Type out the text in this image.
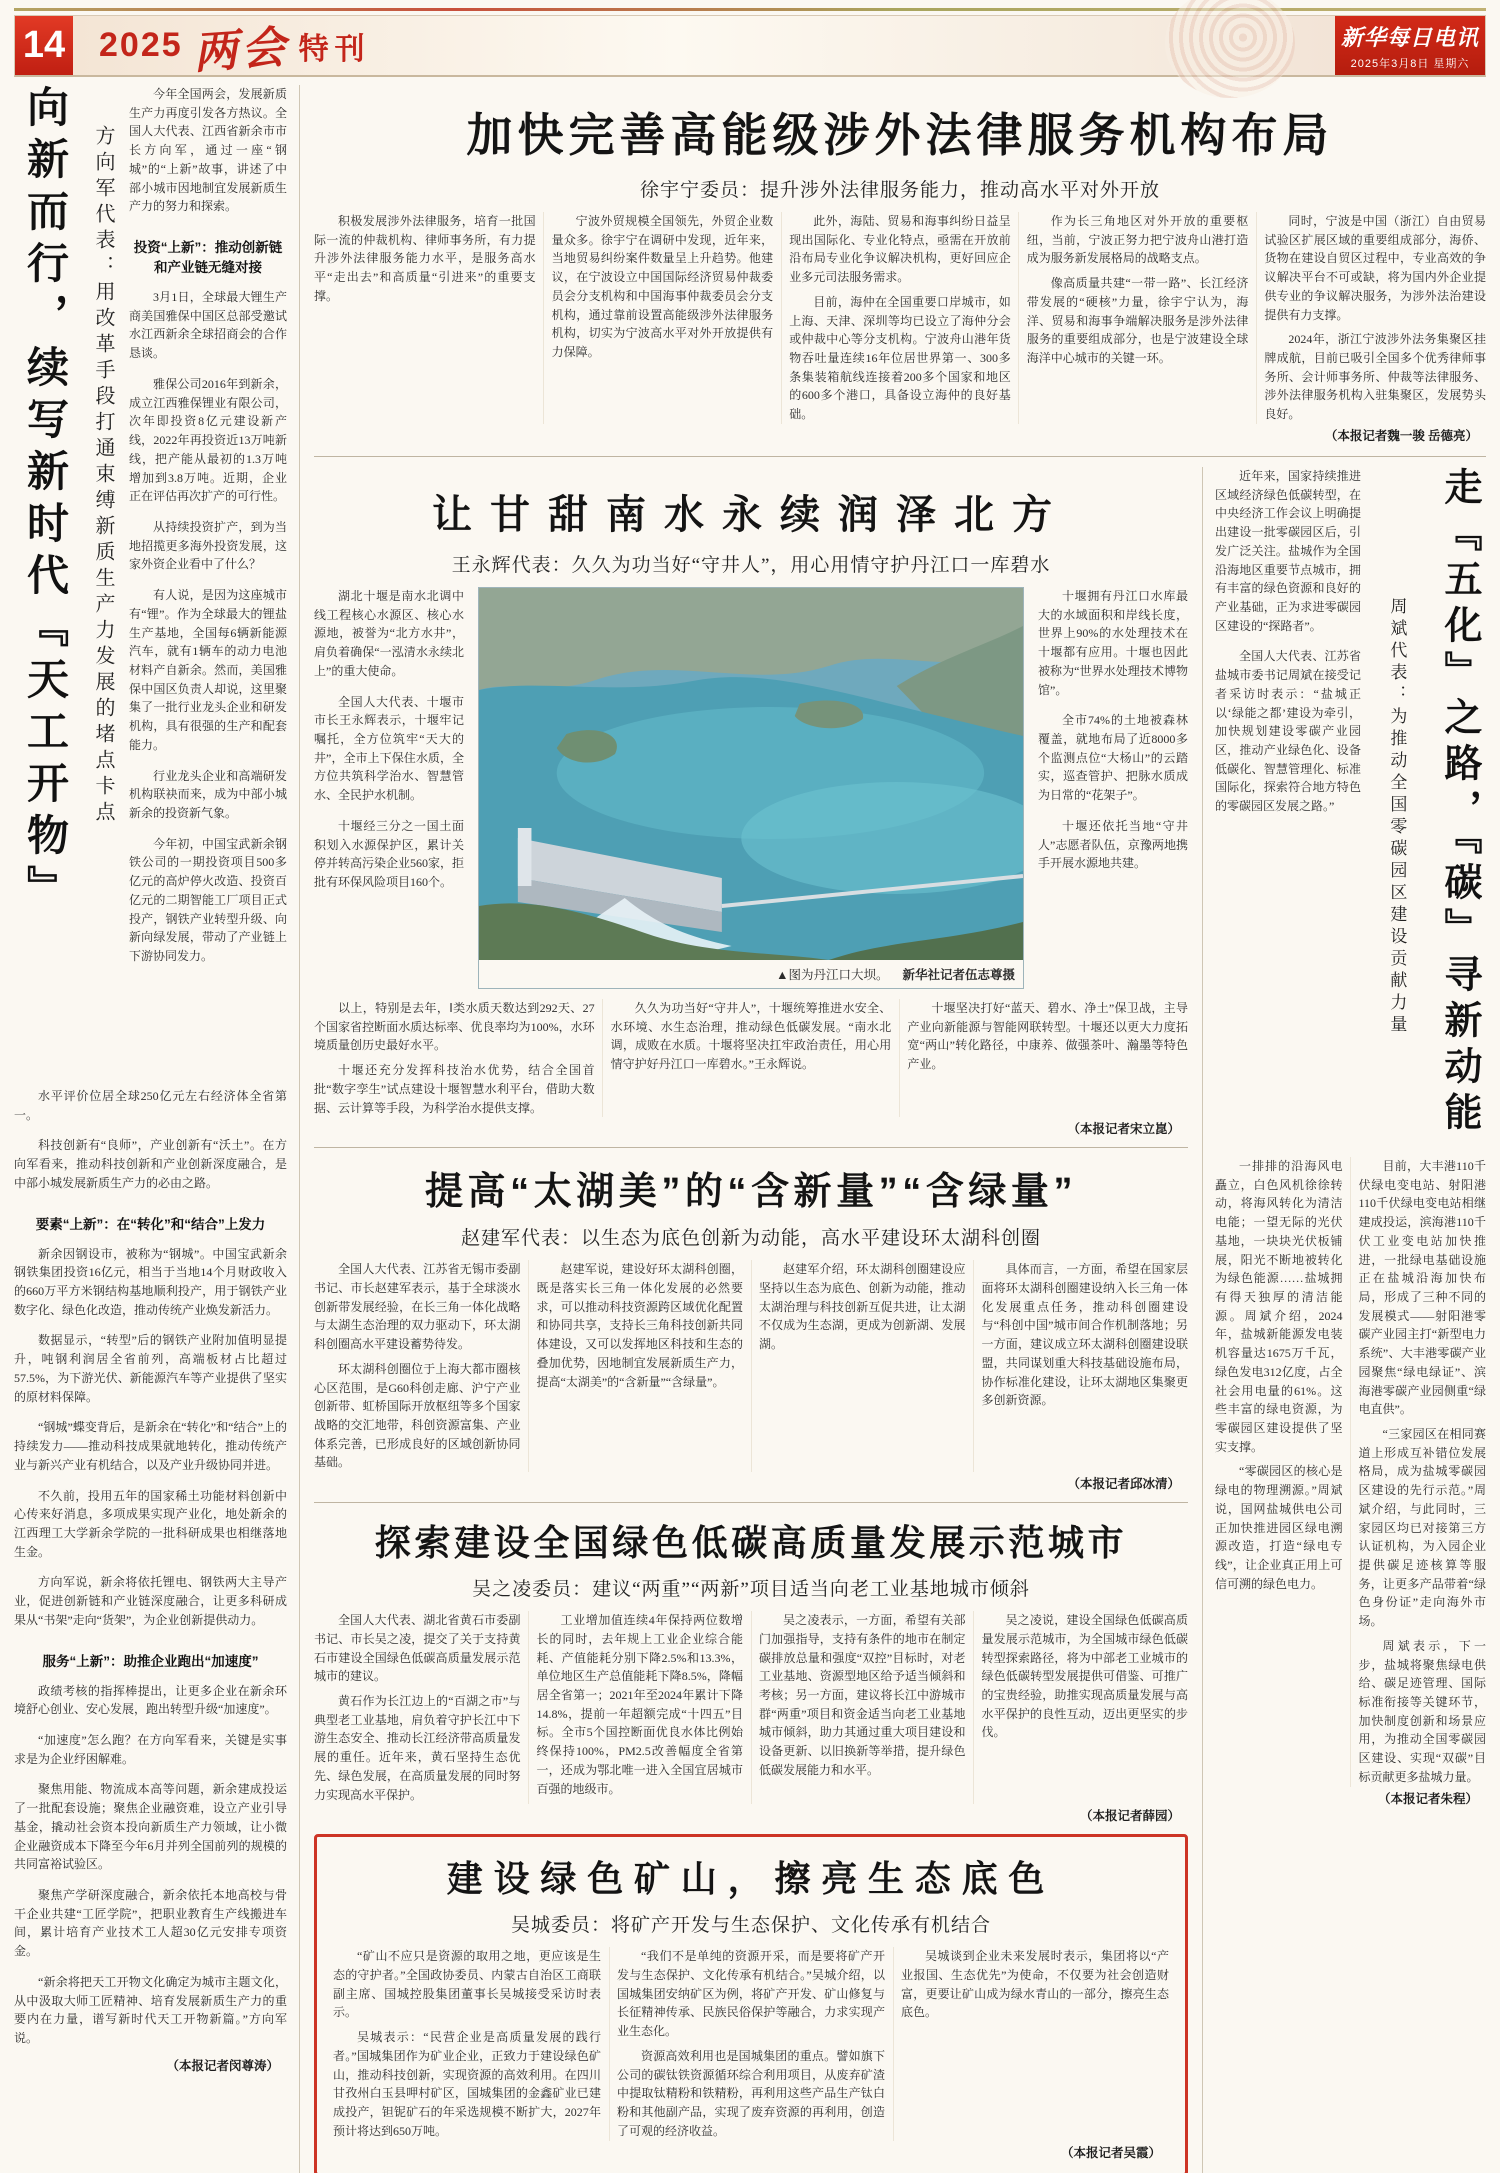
14 2025 两会 特刊	新华每日电讯
2025年3月8日 星期六
向新而行，续写新时代『天工开物』	方向军代表：用改革手段打通束缚新质生产力发展的堵点卡点

今年全国两会，发展新质生产力再度引发各方热议。全国人大代表、江西省新余市市长方向军，通过一座“钢城”的“上新”故事，讲述了中部小城市因地制宜发展新质生产力的努力和探索。

投资“上新”：推动创新链和产业链无缝对接

3月1日，全球最大锂生产商美国雅保中国区总部受邀试水江西新余全球招商会的合作恳谈。

雅保公司2016年到新余，成立江西雅保锂业有限公司，次年即投资8亿元建设新产线，2022年再投资近13万吨新线，把产能从最初的1.3万吨增加到3.8万吨。近期，企业正在评估再次扩产的可行性。

从持续投资扩产，到为当地招揽更多海外投资发展，这家外资企业看中了什么？

有人说，是因为这座城市有“锂”。作为全球最大的锂盐生产基地，全国每6辆新能源汽车，就有1辆车的动力电池材料产自新余。然而，美国雅保中国区负责人却说，这里聚集了一批行业龙头企业和研发机构，具有很强的生产和配套能力。

行业龙头企业和高端研发机构联袂而来，成为中部小城新余的投资新气象。

今年初，中国宝武新余钢铁公司的一期投资项目500多亿元的高炉停火改造、投资百亿元的二期智能工厂项目正式投产，钢铁产业转型升级、向新向绿发展，带动了产业链上下游协同发力。

水平评价位居全球250亿元左右经济体全省第一。

科技创新有“良师”，产业创新有“沃土”。在方向军看来，推动科技创新和产业创新深度融合，是中部小城发展新质生产力的必由之路。

要素“上新”：在“转化”和“结合”上发力

新余因钢设市，被称为“钢城”。中国宝武新余钢铁集团投资16亿元，相当于当地14个月财政收入的660万平方米钢结构基地顺利投产，用于钢铁产业数字化、绿色化改造，推动传统产业焕发新活力。

数据显示，“转型”后的钢铁产业附加值明显提升，吨钢利润居全省前列，高端板材占比超过57.5%，为下游光伏、新能源汽车等产业提供了坚实的原材料保障。

“钢城”蝶变背后，是新余在“转化”和“结合”上的持续发力——推动科技成果就地转化，推动传统产业与新兴产业有机结合，以及产业升级协同并进。

不久前，投用五年的国家稀土功能材料创新中心传来好消息，多项成果实现产业化，地处新余的江西理工大学新余学院的一批科研成果也相继落地生金。

方向军说，新余将依托锂电、钢铁两大主导产业，促进创新链和产业链深度融合，让更多科研成果从“书架”走向“货架”，为企业创新提供动力。

服务“上新”：助推企业跑出“加速度”

政绩考核的指挥棒提出，让更多企业在新余环境舒心创业、安心发展，跑出转型升级“加速度”。

“加速度”怎么跑？在方向军看来，关键是实事求是为企业纾困解难。

聚焦用能、物流成本高等问题，新余建成投运了一批配套设施；聚焦企业融资难，设立产业引导基金，撬动社会资本投向新质生产力领域，让小微企业融资成本下降至今年6月并列全国前列的规模的共同富裕试验区。

聚焦产学研深度融合，新余依托本地高校与骨干企业共建“工匠学院”，把职业教育生产线搬进车间，累计培育产业技术工人超30亿元安排专项资金。

“新余将把天工开物文化确定为城市主题文化，从中汲取大师工匠精神、培育发展新质生产力的重要内在力量，谱写新时代天工开物新篇。”方向军说。

（本报记者闵尊涛）
加快完善高能级涉外法律服务机构布局
徐宇宁委员：提升涉外法律服务能力，推动高水平对外开放

积极发展涉外法律服务，培育一批国际一流的仲裁机构、律师事务所，有力提升涉外法律服务能力水平，是服务高水平“走出去”和高质量“引进来”的重要支撑。

宁波外贸规模全国领先，外贸企业数量众多。徐宇宁在调研中发现，近年来，当地贸易纠纷案件数量呈上升趋势。他建议，在宁波设立中国国际经济贸易仲裁委员会分支机构和中国海事仲裁委员会分支机构，通过靠前设置高能级涉外法律服务机构，切实为宁波高水平对外开放提供有力保障。

此外，海陆、贸易和海事纠纷日益呈现出国际化、专业化特点，亟需在开放前沿布局专业化争议解决机构，更好回应企业多元司法服务需求。

目前，海仲在全国重要口岸城市，如上海、天津、深圳等均已设立了海仲分会或仲裁中心等分支机构。宁波舟山港年货物吞吐量连续16年位居世界第一、300多条集装箱航线连接着200多个国家和地区的600多个港口，具备设立海仲的良好基础。

作为长三角地区对外开放的重要枢纽，当前，宁波正努力把宁波舟山港打造成为服务新发展格局的战略支点。

像高质量共建“一带一路”、长江经济带发展的“硬核”力量，徐宇宁认为，海洋、贸易和海事争端解决服务是涉外法律服务的重要组成部分，也是宁波建设全球海洋中心城市的关键一环。

同时，宁波是中国（浙江）自由贸易试验区扩展区域的重要组成部分，海侨、货物在建设自贸区过程中，专业高效的争议解决平台不可或缺，将为国内外企业提供专业的争议解决服务，为涉外法治建设提供有力支撑。

2024年，浙江宁波涉外法务集聚区挂牌成航，目前已吸引全国多个优秀律师事务所、会计师事务所、仲裁等法律服务、涉外法律服务机构入驻集聚区，发展势头良好。

（本报记者魏一骏 岳德亮）
让甘甜南水永续润泽北方
王永辉代表：久久为功当好“守井人”，用心用情守护丹江口一库碧水

湖北十堰是南水北调中线工程核心水源区、核心水源地，被誉为“北方水井”，肩负着确保“一泓清水永续北上”的重大使命。

全国人大代表、十堰市市长王永辉表示，十堰牢记嘱托，全方位筑牢“天大的井”，全市上下保住水质，全方位共筑科学治水、智慧管水、全民护水机制。

十堰经三分之一国土面积划入水源保护区，累计关停并转高污染企业560家，拒批有环保风险项目160个。

▲图为丹江口大坝。 新华社记者伍志尊摄

十堰拥有丹江口水库最大的水域面积和岸线长度，世界上90%的水处理技术在十堰都有应用。十堰也因此被称为“世界水处理技术博物馆”。

全市74%的土地被森林覆盖，就地布局了近8000多个监测点位“大杨山”的云踏实，巡查管护、把脉水质成为日常的“花架子”。

十堰还依托当地“守井人”志愿者队伍，京豫两地携手开展水源地共建。

以上，特别是去年，Ⅰ类水质天数达到292天、27个国家省控断面水质达标率、优良率均为100%，水环境质量创历史最好水平。

十堰还充分发挥科技治水优势，结合全国首批“数字孪生”试点建设十堰智慧水利平台，借助大数据、云计算等手段，为科学治水提供支撑。

久久为功当好“守井人”，十堰统筹推进水安全、水环境、水生态治理，推动绿色低碳发展。“南水北调，成败在水质。十堰将坚决扛牢政治责任，用心用情守护好丹江口一库碧水。”王永辉说。

十堰坚决打好“蓝天、碧水、净土”保卫战，主导产业向新能源与智能网联转型。十堰还以更大力度拓宽“两山”转化路径，中康养、做强茶叶、瀚墨等特色产业。

（本报记者宋立崑）
提高“太湖美”的“含新量”“含绿量”
赵建军代表：以生态为底色创新为动能，高水平建设环太湖科创圈

全国人大代表、江苏省无锡市委副书记、市长赵建军表示，基于全球淡水创新带发展经验，在长三角一体化战略与太湖生态治理的双力驱动下，环太湖科创圈高水平建设蓄势待发。

环太湖科创圈位于上海大都市圈核心区范围，是G60科创走廊、沪宁产业创新带、虹桥国际开放枢纽等多个国家战略的交汇地带，科创资源富集、产业体系完善，已形成良好的区域创新协同基础。

赵建军说，建设好环太湖科创圈，既是落实长三角一体化发展的必然要求，可以推动科技资源跨区域优化配置和协同共享，支持长三角科技创新共同体建设，又可以发挥地区科技和生态的叠加优势，因地制宜发展新质生产力，提高“太湖美”的“含新量”“含绿量”。

赵建军介绍，环太湖科创圈建设应坚持以生态为底色、创新为动能，推动太湖治理与科技创新互促共进，让太湖不仅成为生态湖，更成为创新湖、发展湖。

具体而言，一方面，希望在国家层面将环太湖科创圈建设纳入长三角一体化发展重点任务，推动科创圈建设与“科创中国”城市间合作机制落地；另一方面，建议成立环太湖科创圈建设联盟，共同谋划重大科技基础设施布局，协作标准化建设，让环太湖地区集聚更多创新资源。

（本报记者邱冰清）
探索建设全国绿色低碳高质量发展示范城市
吴之凌委员：建议“两重”“两新”项目适当向老工业基地城市倾斜

全国人大代表、湖北省黄石市委副书记、市长吴之凌，提交了关于支持黄石市建设全国绿色低碳高质量发展示范城市的建议。

黄石作为长江边上的“百湖之市”与典型老工业基地，肩负着守护长江中下游生态安全、推动长江经济带高质量发展的重任。近年来，黄石坚持生态优先、绿色发展，在高质量发展的同时努力实现高水平保护。

工业增加值连续4年保持两位数增长的同时，去年规上工业企业综合能耗、产值能耗分别下降2.5%和13.3%，单位地区生产总值能耗下降8.5%，降幅居全省第一；2021年至2024年累计下降14.8%，提前一年超额完成“十四五”目标。全市5个国控断面优良水体比例始终保持100%，PM2.5改善幅度全省第一，还成为鄂北唯一进入全国宜居城市百强的地级市。

吴之凌表示，一方面，希望有关部门加强指导，支持有条件的地市在制定碳排放总量和强度“双控”目标时，对老工业基地、资源型地区给予适当倾斜和考核；另一方面，建议将长江中游城市群“两重”项目和资金适当向老工业基地城市倾斜，助力其通过重大项目建设和设备更新、以旧换新等举措，提升绿色低碳发展能力和水平。

吴之凌说，建设全国绿色低碳高质量发展示范城市，为全国城市绿色低碳转型探索路径，将为中部老工业城市的绿色低碳转型发展提供可借鉴、可推广的宝贵经验，助推实现高质量发展与高水平保护的良性互动，迈出更坚实的步伐。

（本报记者薛园）
建设绿色矿山，擦亮生态底色
吴城委员：将矿产开发与生态保护、文化传承有机结合

“矿山不应只是资源的取用之地，更应该是生态的守护者。”全国政协委员、内蒙古自治区工商联副主席、国城控股集团董事长吴城接受采访时表示。

吴城表示：“民营企业是高质量发展的践行者。”国城集团作为矿业企业，正致力于建设绿色矿山，推动科技创新，实现资源的高效利用。在四川甘孜州白玉县呷村矿区，国城集团的金鑫矿业已建成投产，钽铌矿石的年采选规模不断扩大，2027年预计将达到650万吨。

“我们不是单纯的资源开采，而是要将矿产开发与生态保护、文化传承有机结合。”吴城介绍，以国城集团安纳矿区为例，将矿产开发、矿山修复与长征精神传承、民族民俗保护等融合，力求实现产业生态化。

资源高效利用也是国城集团的重点。譬如旗下公司的碳钛铁资源循环综合利用项目，从废弃矿渣中提取钛精粉和铁精粉，再利用这些产品生产钛白粉和其他副产品，实现了废弃资源的再利用，创造了可观的经济收益。

吴城谈到企业未来发展时表示，集团将以“产业报国、生态优先”为使命，不仅要为社会创造财富，更要让矿山成为绿水青山的一部分，擦亮生态底色。

（本报记者吴霞）

近年来，国家持续推进区域经济绿色低碳转型，在中央经济工作会议上明确提出建设一批零碳园区后，引发广泛关注。盐城作为全国沿海地区重要节点城市，拥有丰富的绿色资源和良好的产业基础，正为求进零碳园区建设的“探路者”。

全国人大代表、江苏省盐城市委书记周斌在接受记者采访时表示：“盐城正以‘绿能之都’建设为牵引，加快规划建设零碳产业园区，推动产业绿色化、设备低碳化、智慧管理化、标准国际化，探索符合地方特色的零碳园区发展之路。”	周斌代表：为推动全国零碳园区建设贡献力量 走『五化』之路，『碳』寻新动能

一排排的沿海风电矗立，白色风机徐徐转动，将海风转化为清洁电能；一望无际的光伏基地，一块块光伏板铺展，阳光不断地被转化为绿色能源……盐城拥有得天独厚的清洁能源。周斌介绍，2024年，盐城新能源发电装机容量达1675万千瓦，绿色发电312亿度，占全社会用电量的61%。这些丰富的绿电资源，为零碳园区建设提供了坚实支撑。

“零碳园区的核心是绿电的物理溯源。”周斌说，国网盐城供电公司正加快推进园区绿电溯源改造，打造“绿电专线”，让企业真正用上可信可溯的绿色电力。

目前，大丰港110千伏绿电变电站、射阳港110千伏绿电变电站相继建成投运，滨海港110千伏工业变电站加快推进，一批绿电基础设施正在盐城沿海加快布局，形成了三种不同的发展模式——射阳港零碳产业园主打“新型电力系统”、大丰港零碳产业园聚焦“绿电绿证”、滨海港零碳产业园侧重“绿电直供”。

“三家园区在相同赛道上形成互补错位发展格局，成为盐城零碳园区建设的先行示范。”周斌介绍，与此同时，三家园区均已对接第三方认证机构，为入园企业提供碳足迹核算等服务，让更多产品带着“绿色身份证”走向海外市场。

周斌表示，下一步，盐城将聚焦绿电供给、碳足迹管理、国际标准衔接等关键环节，加快制度创新和场景应用，为推动全国零碳园区建设、实现“双碳”目标贡献更多盐城力量。

（本报记者朱程）
